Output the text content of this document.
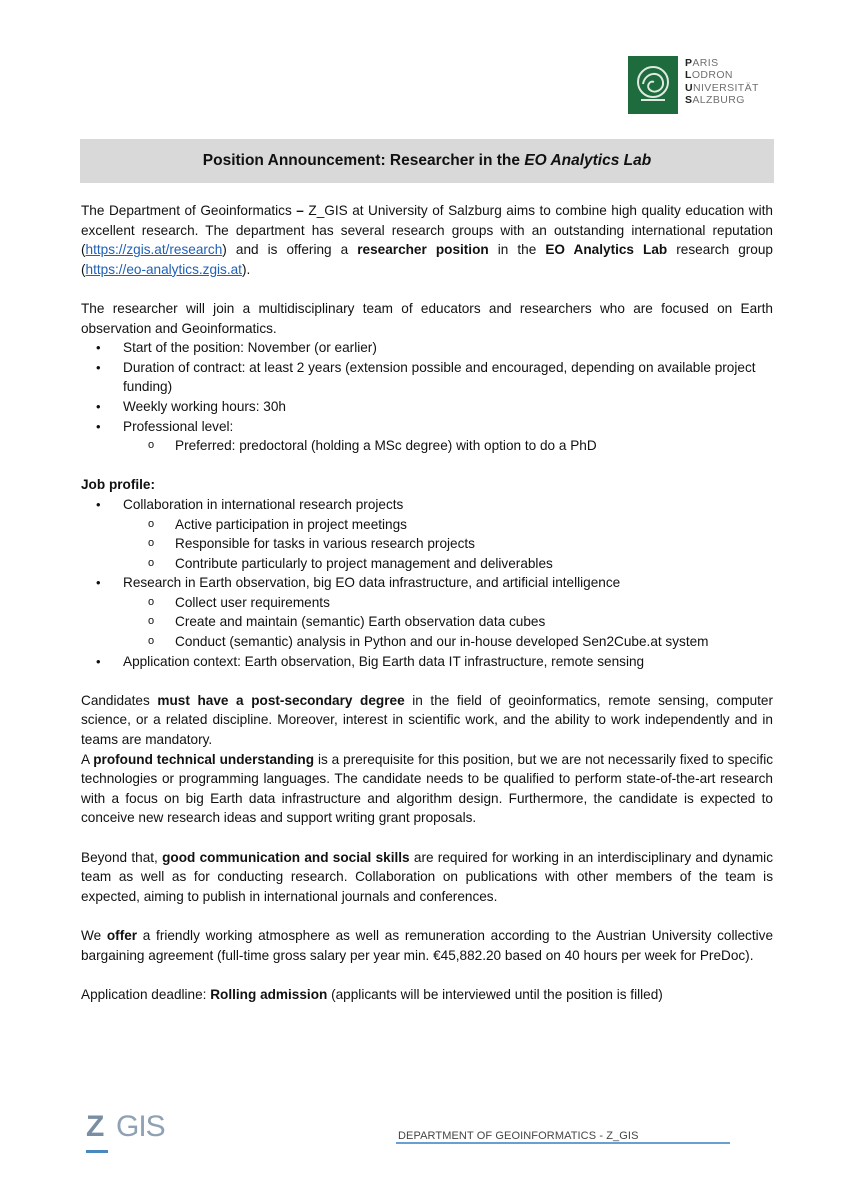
PARIS
LODRON
UNIVERSITÄT
SALZBURG
Position Announcement: Researcher in the
EO Analytics Lab

The Department of Geoinformatics – Z_GIS at University of Salzburg aims to combine high quality education with excellent research. The department has several research groups with an outstanding international reputation (https://zgis.at/research) and is offering a researcher position in the EO Analytics Lab research group (https://eo-analytics.zgis.at).

The researcher will join a multidisciplinary team of educators and researchers who are focused on Earth observation and Geoinformatics.

• Start of the position: November (or earlier)
• Duration of contract: at least 2 years (extension possible and encouraged, depending on available project funding)
• Weekly working hours: 30h
• Professional level:
o Preferred: predoctoral (holding a MSc degree) with option to do a PhD

Job profile:

• Collaboration in international research projects
o Active participation in project meetings
o Responsible for tasks in various research projects
o Contribute particularly to project management and deliverables
• Research in Earth observation, big EO data infrastructure, and artificial intelligence
o Collect user requirements
o Create and maintain (semantic) Earth observation data cubes
o Conduct (semantic) analysis in Python and our in-house developed Sen2Cube.at system
• Application context: Earth observation, Big Earth data IT infrastructure, remote sensing

Candidates must have a post-secondary degree in the field of geoinformatics, remote sensing, computer science, or a related discipline. Moreover, interest in scientific work, and the ability to work independently and in teams are mandatory.

A profound technical understanding is a prerequisite for this position, but we are not necessarily fixed to specific technologies or programming languages. The candidate needs to be qualified to perform state-of-the-art research with a focus on big Earth data infrastructure and algorithm design. Furthermore, the candidate is expected to conceive new research ideas and support writing grant proposals.

Beyond that, good communication and social skills are required for working in an interdisciplinary and dynamic team as well as for conducting research. Collaboration on publications with other members of the team is expected, aiming to publish in international journals and conferences.

We offer a friendly working atmosphere as well as remuneration according to the Austrian University collective bargaining agreement (full-time gross salary per year min. €45,882.20 based on 40 hours per week for PreDoc).

Application deadline: Rolling admission (applicants will be interviewed until the position is filled)

Z GIS	DEPARTMENT OF GEOINFORMATICS - Z_GIS
